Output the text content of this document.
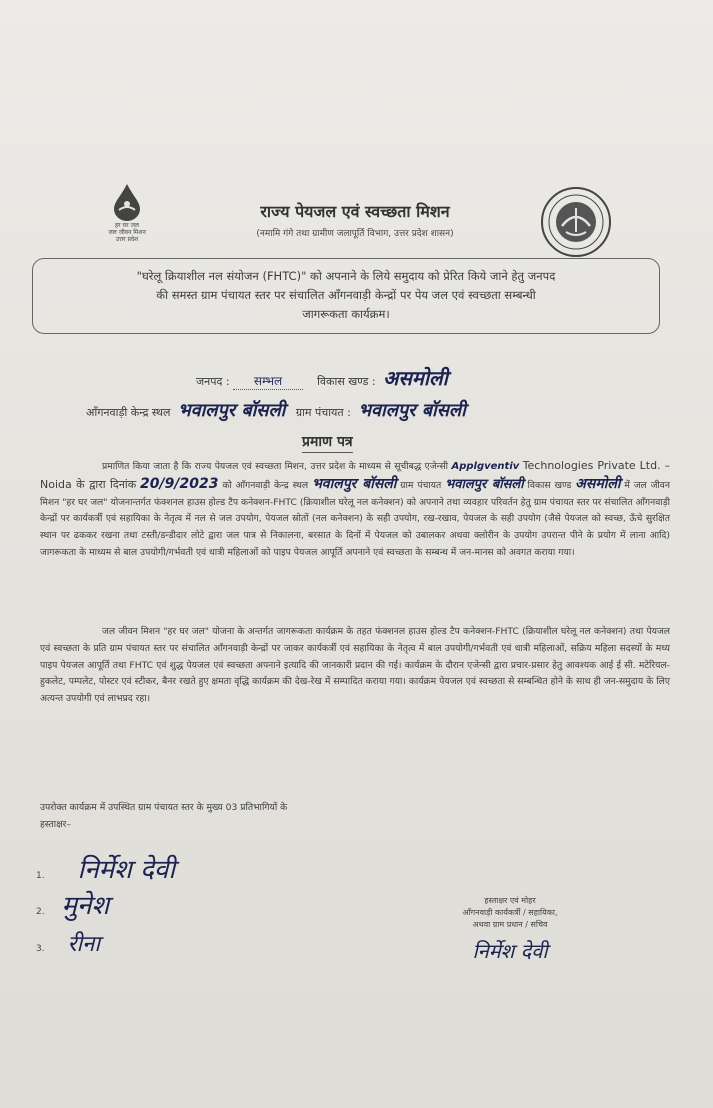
हर घर जल
जल जीवन मिशन
उत्तर प्रदेश
राज्य पेयजल एवं स्वच्छता मिशन
(नमामि गंगे तथा ग्रामीण जलापूर्ति विभाग, उत्तर प्रदेश शासन)
"घरेलू क्रियाशील नल संयोजन (FHTC)" को अपनाने के लिये समुदाय को प्रेरित किये जाने हेतु जनपद
की समस्त ग्राम पंचायत स्तर पर संचालित आँगनवाड़ी केन्द्रों पर पेय जल एवं स्वच्छता सम्बन्धी
जागरूकता कार्यक्रम।
जनपद : सम्भल	विकास खण्ड : असमोली
आँगनवाड़ी केन्द्र स्थल भवालपुर बॉसली ग्राम पंचायत : भवालपुर बॉसली
प्रमाण पत्र
प्रमाणित किया जाता है कि राज्य पेयजल एवं स्वच्छता मिशन, उत्तर प्रदेश के माध्यम से सूचीबद्ध एजेन्सी Applgventiv Technologies Private Ltd. – Noida के द्वारा दिनांक 20/9/2023 को आँगनवाड़ी केन्द्र स्थल भवालपुर बॉसली ग्राम पंचायत भवालपुर बॉसली विकास खण्ड असमोली में जल जीवन मिशन "हर घर जल" योजनान्तर्गत फंक्शनल हाउस होल्ड टैप कनेक्शन-FHTC (क्रियाशील घरेलू नल कनेक्शन) को अपनाने तथा व्यवहार परिवर्तन हेतु ग्राम पंचायत स्तर पर संचालित आँगनवाड़ी केन्द्रों पर कार्यकर्त्री एवं सहायिका के नेतृत्व में नल से जल उपयोग, पेयजल स्रोतों (नल कनेक्शन) के सही उपयोग, रख-रखाव, पेयजल के सही उपयोग (जैसे पेयजल को स्वच्छ, ऊँचे सुरक्षित स्थान पर ढककर रखना तथा टस्ती/डन्डीदार लोटे द्वारा जल पात्र से निकालना, बरसात के दिनों में पेयजल को उबालकर अथवा क्लोरीन के उपयोग उपरान्त पीने के प्रयोग में लाना आदि) जागरूकता के माध्यम से बाल उपयोगी/गर्भवती एवं धात्री महिलाओं को पाइप पेयजल आपूर्ति अपनाने एवं स्वच्छता के सम्बन्ध में जन-मानस को अवगत कराया गया।
जल जीवन मिशन "हर घर जल" योजना के अन्तर्गत जागरूकता कार्यक्रम के तहत फंक्शनल हाउस होल्ड टैप कनेक्शन-FHTC (क्रियाशील घरेलू नल कनेक्शन) तथा पेयजल एवं स्वच्छता के प्रति ग्राम पंचायत स्तर पर संचालित आँगनवाड़ी केन्द्रों पर जाकर कार्यकर्त्री एवं सहायिका के नेतृत्व में बाल उपयोगी/गर्भवती एवं धात्री महिलाओं, सक्रिय महिला सदस्यों के मध्य पाइप पेयजल आपूर्ति तथा FHTC एवं शुद्ध पेयजल एवं स्वच्छता अपनाने इत्यादि की जानकारी प्रदान की गई। कार्यक्रम के दौरान एजेन्सी द्वारा प्रचार-प्रसार हेतु आवश्यक आई ई सी. मटेरियल-हुकलेट, पम्पलेट, पोस्टर एवं स्टीकर, बैनर रखते हुए क्षमता वृद्धि कार्यक्रम की देख-रेख में सम्पादित कराया गया। कार्यक्रम पेयजल एवं स्वच्छता से सम्बन्धित होने के साथ ही जन-समुदाय के लिए अत्यन्त उपयोगी एवं लाभप्रद रहा।
उपरोक्त कार्यक्रम में उपस्थित ग्राम पंचायत स्तर के मुख्य 03 प्रतिभागियों के
हस्ताक्षर–
1. निर्मेश देवी
2. मुनेश
3. रीना
हस्ताक्षर एवं मोहर
आँगनवाड़ी कार्यकर्त्री / सहायिका,
अथवा ग्राम प्रधान / सचिव
निर्मेश देवी
